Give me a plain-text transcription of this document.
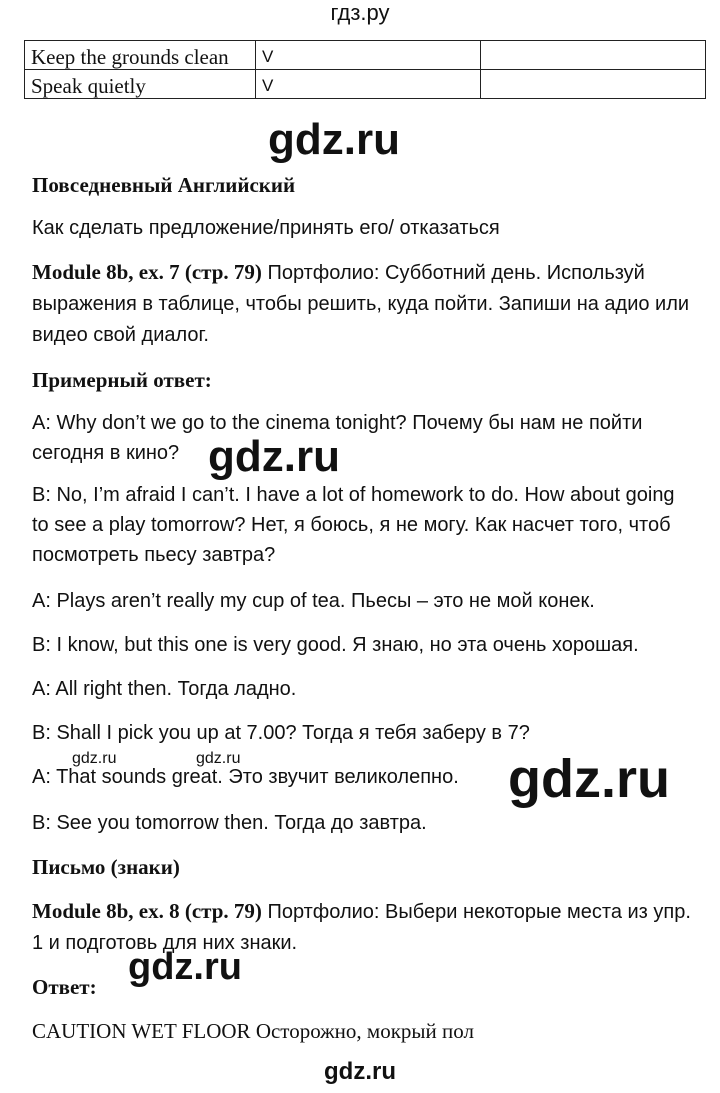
гдз.ру
Keep the grounds clean	V	
Speak quietly	V	
gdz.ru

Повседневный Английский

Как сделать предложение/принять его/ отказаться

Module 8b, ex. 7 (стр. 79) Портфолио: Субботний день. Используй выражения в таблице, чтобы решить, куда пойти. Запиши на адио или видео свой диалог.

Примерный ответ:

gdz.ru

A: Why don’t we go to the cinema tonight? Почему бы нам не пойти сегодня в кино?

B: No, I’m afraid I can’t. I have a lot of homework to do. How about going to see a play tomorrow? Нет, я боюсь, я не могу. Как насчет того, чтоб посмотреть пьесу завтра?

A: Plays aren’t really my cup of tea. Пьесы – это не мой конек.

B: I know, but this one is very good. Я знаю, но эта очень хорошая.

A: All right then. Тогда ладно.

B: Shall I pick you up at 7.00? Тогда я тебя заберу в 7?

gdz.ru	gdz.ru

A: That sounds great. Это звучит великолепно. gdz.ru

B: See you tomorrow then. Тогда до завтра.

Письмо (знаки)

Module 8b, ex. 8 (стр. 79) Портфолио: Выбери некоторые места из упр. 1 и подготовь для них знаки.

gdz.ru

Ответ:

CAUTION WET FLOOR Осторожно, мокрый пол

gdz.ru
